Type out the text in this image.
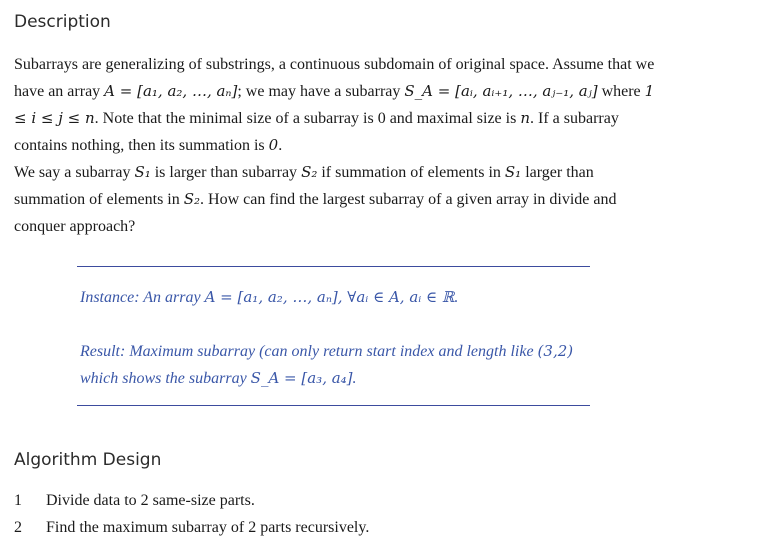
Description

Subarrays are generalizing of substrings, a continuous subdomain of original space. Assume that we have an array A = [a₁, a₂, …, aₙ]; we may have a subarray S_A = [aᵢ, aᵢ₊₁, …, aⱼ₋₁, aⱼ] where 1 ≤ i ≤ j ≤ n. Note that the minimal size of a subarray is 0 and maximal size is n. If a subarray contains nothing, then its summation is 0.

We say a subarray S₁ is larger than subarray S₂ if summation of elements in S₁ larger than summation of elements in S₂. How can find the largest subarray of a given array in divide and conquer approach?

Instance: An array A = [a₁, a₂, …, aₙ], ∀aᵢ ∈ A, aᵢ ∈ ℝ.

Result: Maximum subarray (can only return start index and length like (3,2) which shows the subarray S_A = [a₃, a₄].

Algorithm Design

1 Divide data to 2 same-size parts.

2 Find the maximum subarray of 2 parts recursively.
